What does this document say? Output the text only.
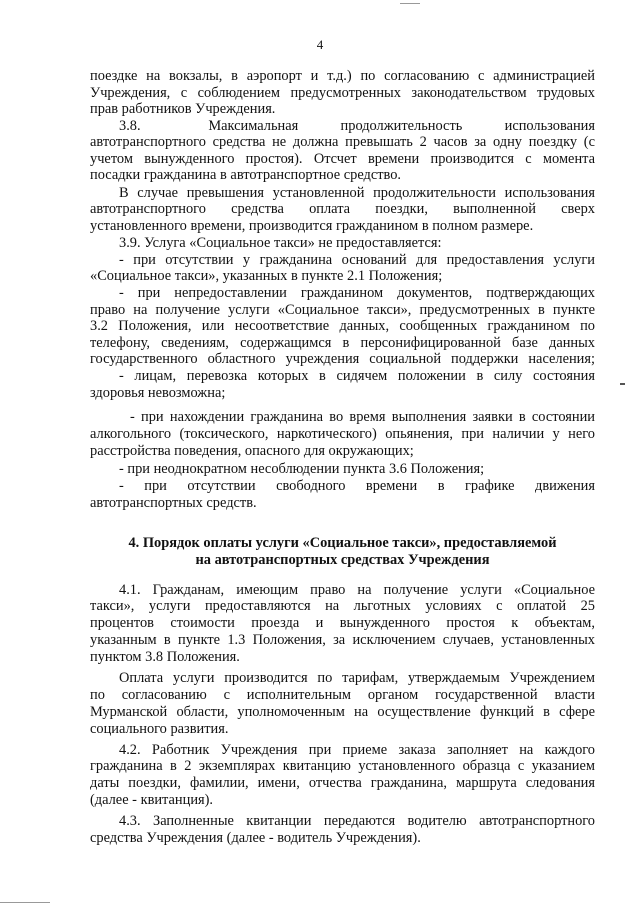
4
поездке на вокзалы, в аэропорт и т.д.) по согласованию с администрацией
Учреждения, с соблюдением предусмотренных законодательством трудовых
прав работников Учреждения.
3.8.        Максимальная     продолжительность     использования
автотранспортного средства не должна превышать 2 часов за одну поездку (с
учетом вынужденного простоя). Отсчет времени производится с момента
посадки гражданина в автотранспортное средство.
В случае превышения установленной продолжительности использования
автотранспортного средства оплата поездки, выполненной сверх
установленного времени, производится гражданином в полном размере.
3.9. Услуга «Социальное такси» не предоставляется:
- при отсутствии у гражданина оснований для предоставления услуги
«Социальное такси», указанных в пункте 2.1 Положения;
- при непредоставлении гражданином документов, подтверждающих
право на получение услуги «Социальное такси», предусмотренных в пункте
3.2 Положения, или несоответствие данных, сообщенных гражданином по
телефону, сведениям, содержащимся в персонифицированной базе данных
государственного областного учреждения социальной поддержки населения;
- лицам, перевозка которых в сидячем положении в силу состояния
здоровья невозможна;
- при нахождении гражданина во время выполнения заявки в состоянии
алкогольного (токсического, наркотического) опьянения, при наличии у него
расстройства поведения, опасного для окружающих;
- при неоднократном несоблюдении пункта 3.6 Положения;
- при отсутствии свободного времени в графике движения
автотранспортных средств.
4. Порядок оплаты услуги «Социальное такси», предоставляемой
на автотранспортных средствах Учреждения
4.1. Гражданам, имеющим право на получение услуги «Социальное
такси», услуги предоставляются на льготных условиях с оплатой 25
процентов стоимости проезда и вынужденного простоя к объектам,
указанным в пункте 1.3 Положения, за исключением случаев, установленных
пунктом 3.8 Положения.
Оплата услуги производится по тарифам, утверждаемым Учреждением
по согласованию с исполнительным органом государственной власти
Мурманской области, уполномоченным на осуществление функций в сфере
социального развития.
4.2. Работник Учреждения при приеме заказа заполняет на каждого
гражданина в 2 экземплярах квитанцию установленного образца с указанием
даты поездки, фамилии, имени, отчества гражданина, маршрута следования
(далее - квитанция).
4.3. Заполненные квитанции передаются водителю автотранспортного
средства Учреждения (далее - водитель Учреждения).
